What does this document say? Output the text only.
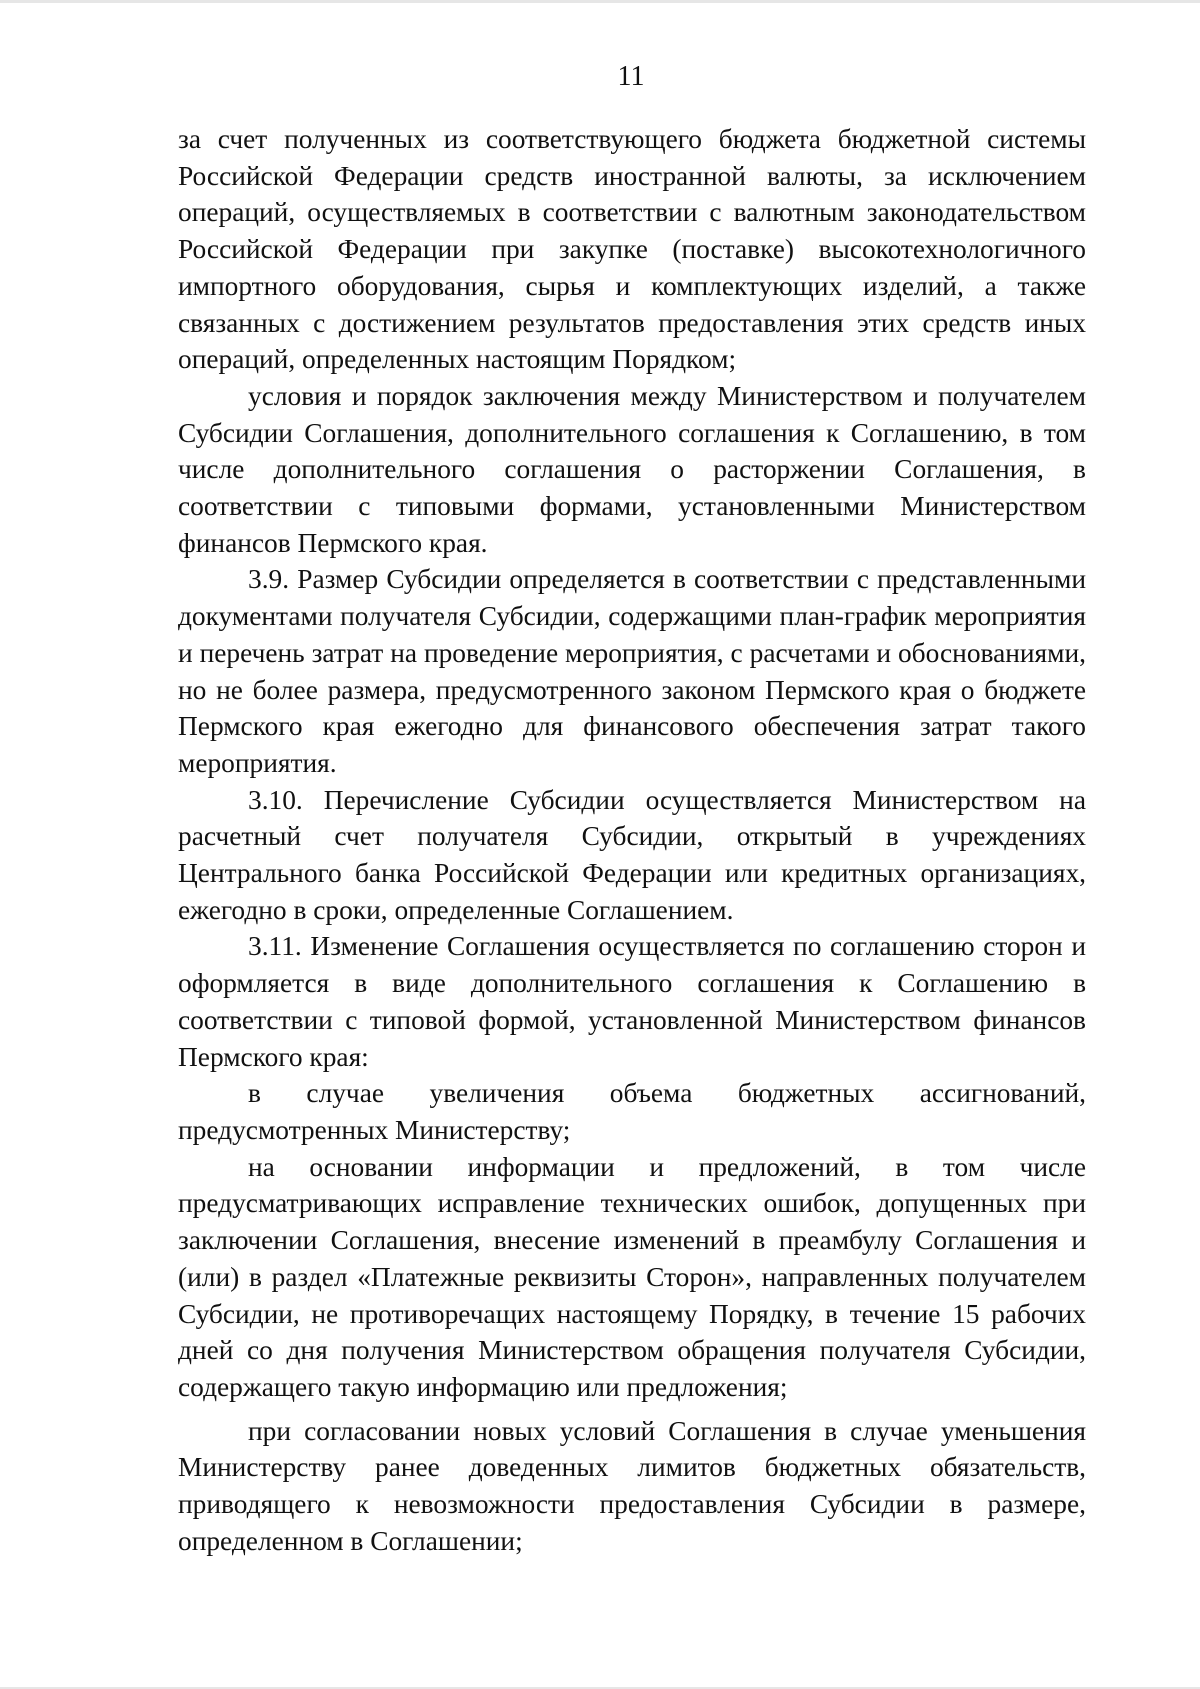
11

за счет полученных из соответствующего бюджета бюджетной системы Российской Федерации средств иностранной валюты, за исключением операций, осуществляемых в соответствии с валютным законодательством Российской Федерации при закупке (поставке) высокотехнологичного импортного оборудования, сырья и комплектующих изделий, а также связанных с достижением результатов предоставления этих средств иных операций, определенных настоящим Порядком;

условия и порядок заключения между Министерством и получателем Субсидии Соглашения, дополнительного соглашения к Соглашению, в том числе дополнительного соглашения о расторжении Соглашения, в соответствии с типовыми формами, установленными Министерством финансов Пермского края.

3.9. Размер Субсидии определяется в соответствии с представленными документами получателя Субсидии, содержащими план-график мероприятия и перечень затрат на проведение мероприятия, с расчетами и обоснованиями, но не более размера, предусмотренного законом Пермского края о бюджете Пермского края ежегодно для финансового обеспечения затрат такого мероприятия.

3.10. Перечисление Субсидии осуществляется Министерством на расчетный счет получателя Субсидии, открытый в учреждениях Центрального банка Российской Федерации или кредитных организациях, ежегодно в сроки, определенные Соглашением.

3.11. Изменение Соглашения осуществляется по соглашению сторон и оформляется в виде дополнительного соглашения к Соглашению в соответствии с типовой формой, установленной Министерством финансов Пермского края:

в случае увеличения объема бюджетных ассигнований, предусмотренных Министерству;

на основании информации и предложений, в том числе предусматривающих исправление технических ошибок, допущенных при заключении Соглашения, внесение изменений в преамбулу Соглашения и (или) в раздел «Платежные реквизиты Сторон», направленных получателем Субсидии, не противоречащих настоящему Порядку, в течение 15 рабочих дней со дня получения Министерством обращения получателя Субсидии, содержащего такую информацию или предложения;

при согласовании новых условий Соглашения в случае уменьшения Министерству ранее доведенных лимитов бюджетных обязательств, приводящего к невозможности предоставления Субсидии в размере, определенном в Соглашении;
